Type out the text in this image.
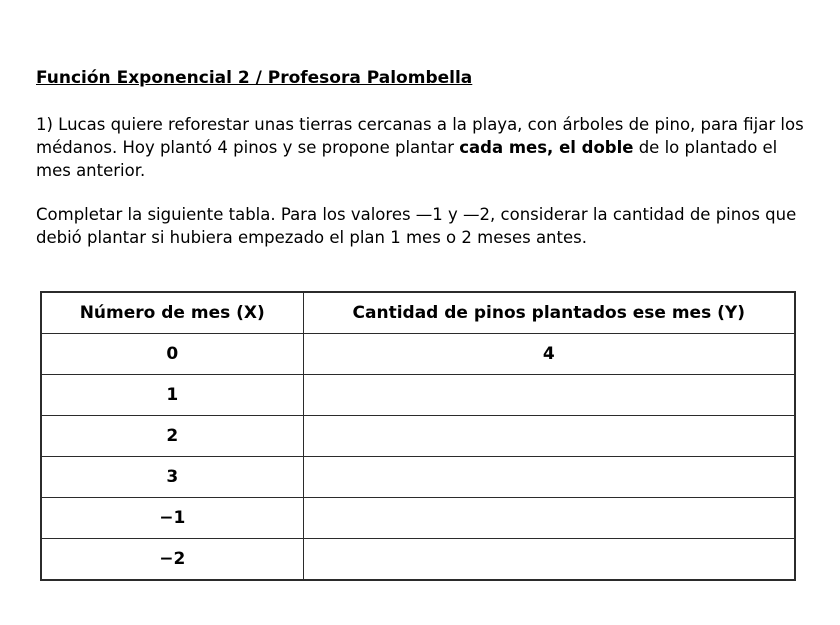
Función Exponencial 2 / Profesora Palombella

1) Lucas quiere reforestar unas tierras cercanas a la playa, con árboles de pino, para fijar los médanos. Hoy plantó 4 pinos y se propone plantar cada mes, el doble de lo plantado el mes anterior.

Completar la siguiente tabla. Para los valores —1 y —2, considerar la cantidad de pinos que debió plantar si hubiera empezado el plan 1 mes o 2 meses antes.

Número de mes (X)	Cantidad de pinos plantados ese mes (Y)
0	4
1	
2	
3	
−1	
−2	
